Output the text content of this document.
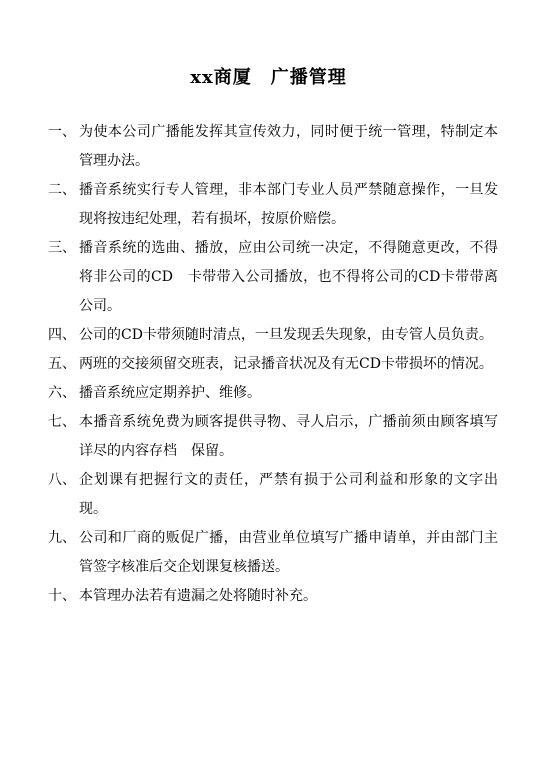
xx商厦　广播管理
一、 为使本公司广播能发挥其宣传效力，同时便于统一管理，特制定本管理办法。
二、 播音系统实行专人管理，非本部门专业人员严禁随意操作，一旦发现将按违纪处理，若有损坏，按原价赔偿。
三、 播音系统的选曲、播放，应由公司统一决定，不得随意更改，不得将非公司的CD　卡带带入公司播放，也不得将公司的CD卡带带离公司。
四、 公司的CD卡带须随时清点，一旦发现丢失现象，由专管人员负责。
五、 两班的交接须留交班表，记录播音状况及有无CD卡带损坏的情况。
六、 播音系统应定期养护、维修。
七、 本播音系统免费为顾客提供寻物、寻人启示，广播前须由顾客填写详尽的内容存档　保留。
八、 企划课有把握行文的责任，严禁有损于公司利益和形象的文字出现。
九、 公司和厂商的贩促广播，由营业单位填写广播申请单，并由部门主管签字核准后交企划课复核播送。
十、 本管理办法若有遗漏之处将随时补充。
